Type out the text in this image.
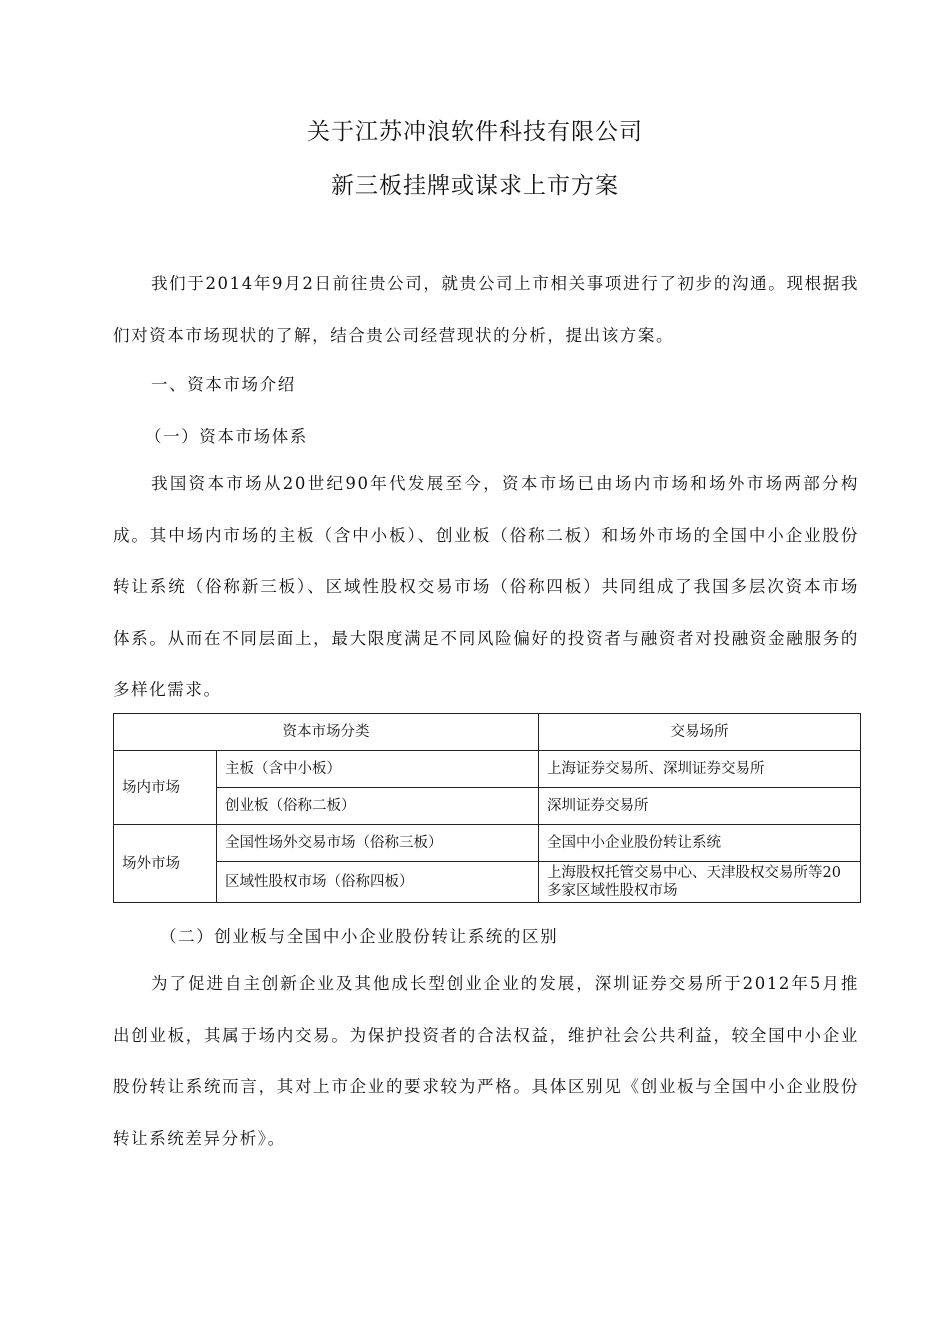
关于江苏冲浪软件科技有限公司
新三板挂牌或谋求上市方案

我们于2014年9月2日前往贵公司，就贵公司上市相关事项进行了初步的沟通。现根据我们对资本市场现状的了解，结合贵公司经营现状的分析，提出该方案。

一、资本市场介绍

（一）资本市场体系

我国资本市场从20世纪90年代发展至今，资本市场已由场内市场和场外市场两部分构成。其中场内市场的主板（含中小板）、创业板（俗称二板）和场外市场的全国中小企业股份转让系统（俗称新三板）、区域性股权交易市场（俗称四板）共同组成了我国多层次资本市场体系。从而在不同层面上，最大限度满足不同风险偏好的投资者与融资者对投融资金融服务的多样化需求。

资本市场分类		交易场所
场内市场	主板（含中小板）	上海证券交易所、深圳证券交易所
	创业板（俗称二板）	深圳证券交易所
场外市场	全国性场外交易市场（俗称三板）	全国中小企业股份转让系统
	区域性股权市场（俗称四板）	上海股权托管交易中心、天津股权交易所等20多家区域性股权市场

（二）创业板与全国中小企业股份转让系统的区别

为了促进自主创新企业及其他成长型创业企业的发展，深圳证券交易所于2012年5月推出创业板，其属于场内交易。为保护投资者的合法权益，维护社会公共利益，较全国中小企业股份转让系统而言，其对上市企业的要求较为严格。具体区别见《创业板与全国中小企业股份转让系统差异分析》。
